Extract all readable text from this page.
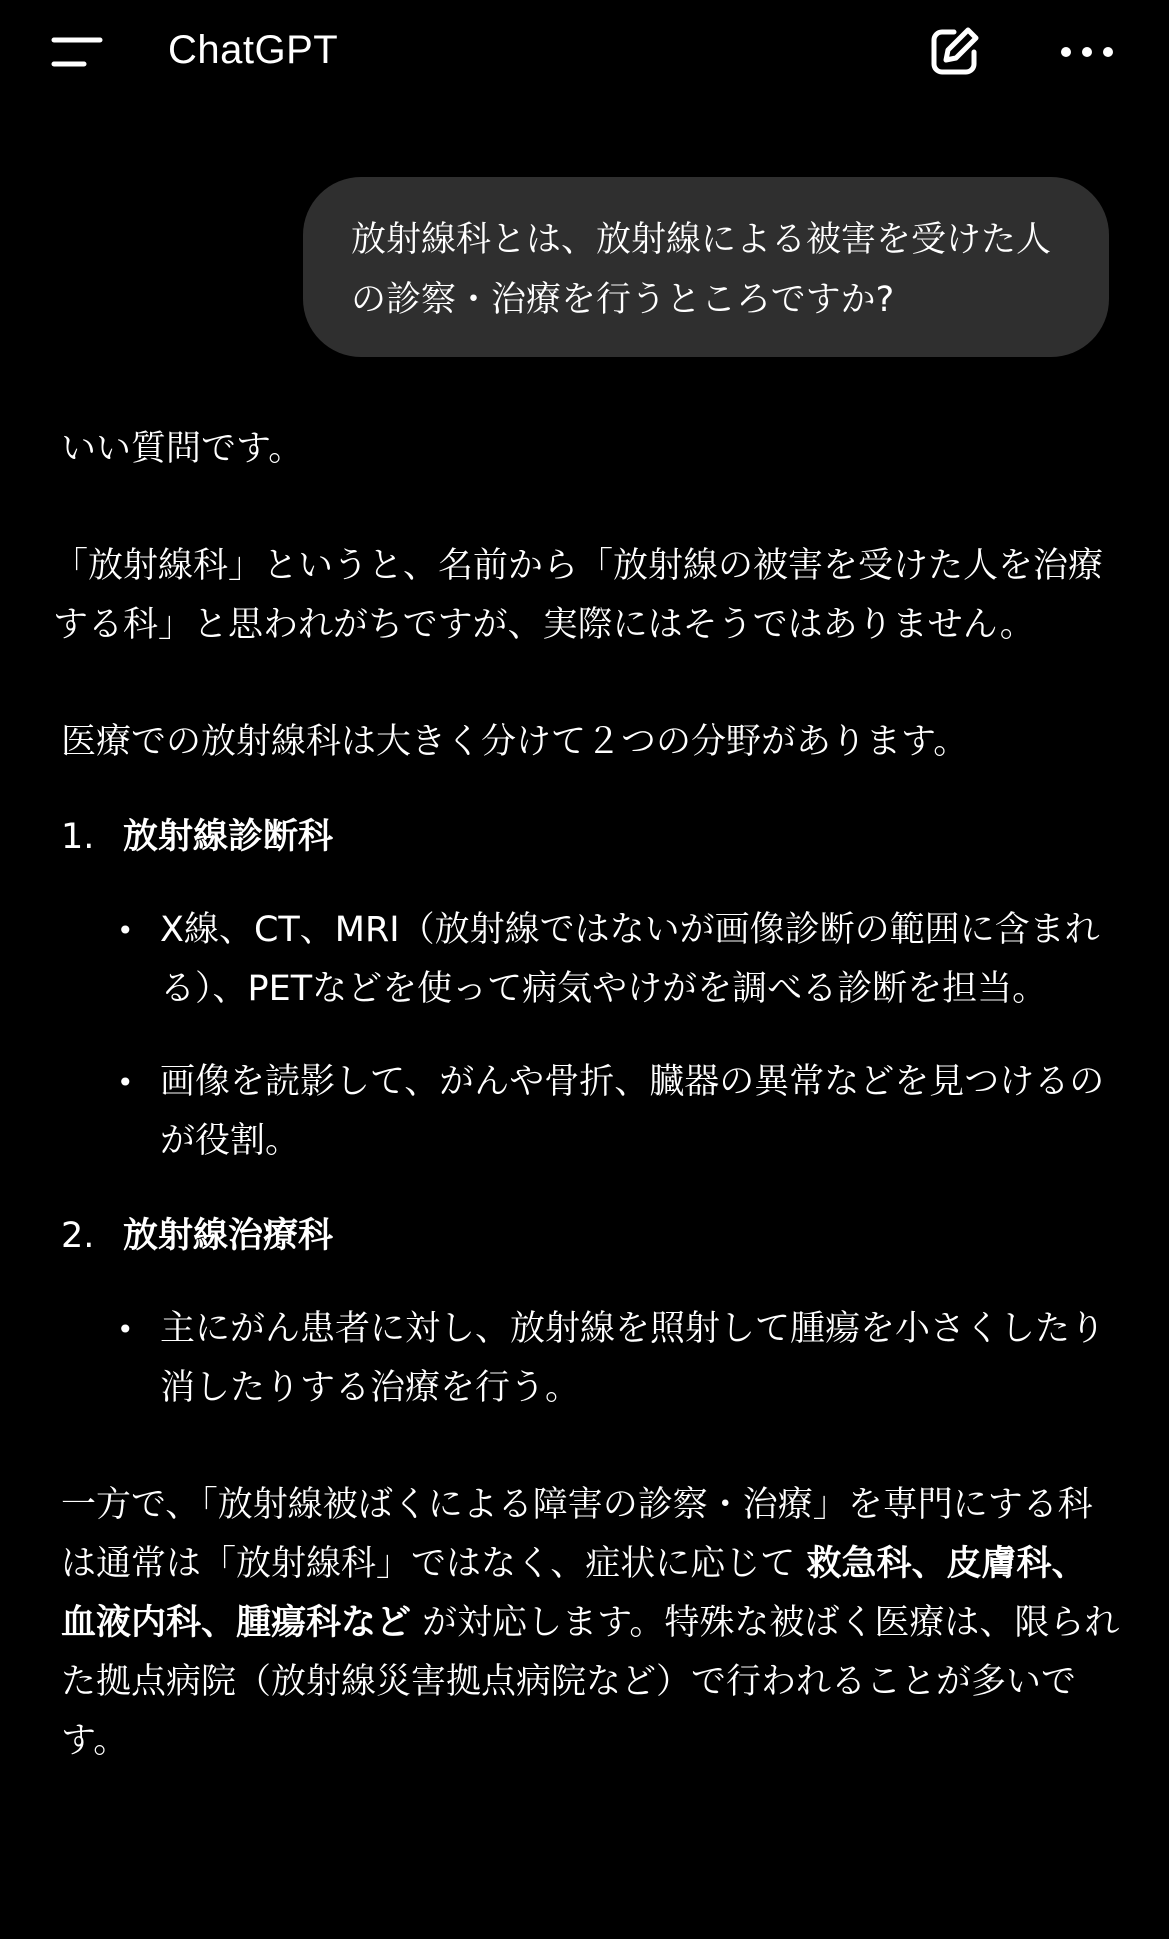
ChatGPT
放射線科とは、放射線による被害を受けた人の診察・治療を行うところですか?

いい質問です。

「放射線科」というと、名前から「放射線の被害を受けた人を治療する科」と思われがちですが、実際にはそうではありません。

医療での放射線科は大きく分けて２つの分野があります。

1. 放射線診断科
• X線、CT、MRI（放射線ではないが画像診断の範囲に含まれる）、PETなどを使って病気やけがを調べる診断を担当。
• 画像を読影して、がんや骨折、臓器の異常などを見つけるのが役割。
2. 放射線治療科
• 主にがん患者に対し、放射線を照射して腫瘍を小さくしたり消したりする治療を行う。

一方で、「放射線被ばくによる障害の診察・治療」を専門にする科は通常は「放射線科」ではなく、症状に応じて 救急科、皮膚科、血液内科、腫瘍科など が対応します。特殊な被ばく医療は、限られた拠点病院（放射線災害拠点病院など）で行われることが多いです。
